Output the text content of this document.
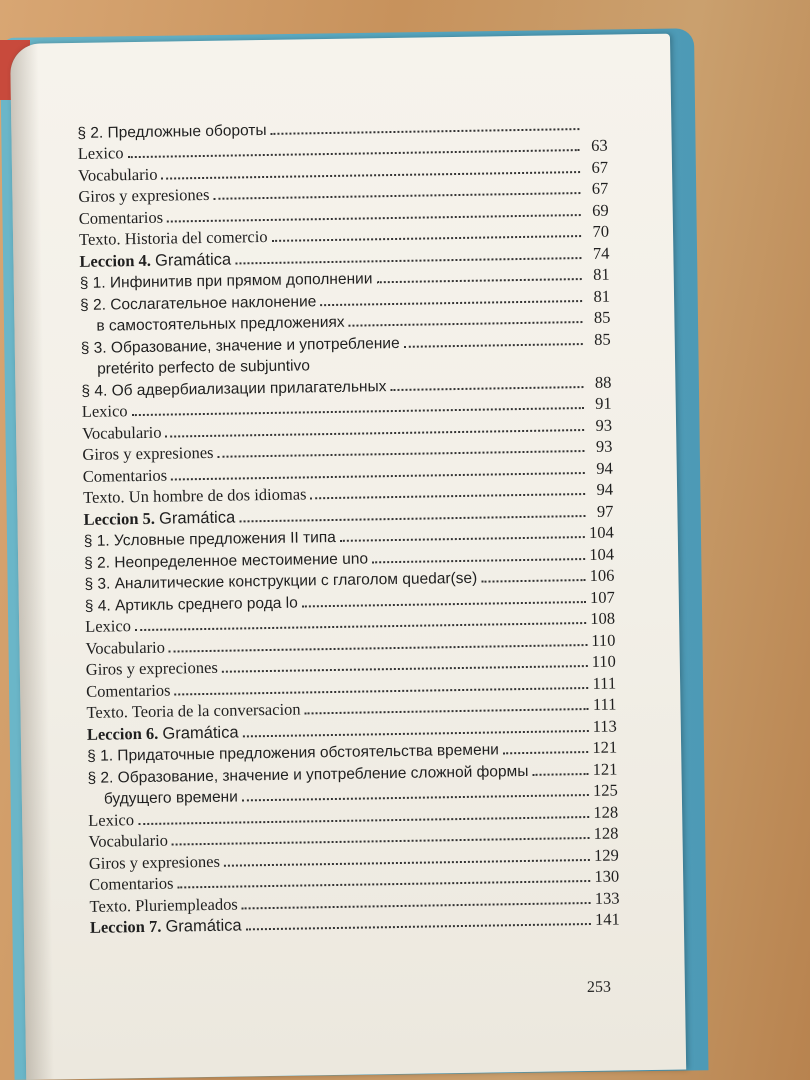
§ 2. Предложные обороты
Lexico	63
Vocabulario	67
Giros y expresiones	67
Comentarios	69
Texto. Historia del comercio	70
Leccion 4. Gramática	74
§ 1. Инфинитив при прямом дополнении	81
§ 2. Сослагательное наклонение	81
в самостоятельных предложениях	85
§ 3. Образование, значение и употребление	85
pretérito perfecto de subjuntivo
§ 4. Об адвербиализации прилагательных	88
Lexico	91
Vocabulario	93
Giros y expresiones	93
Comentarios	94
Texto. Un hombre de dos idiomas	94
Leccion 5. Gramática	97
§ 1. Условные предложения II типа	104
§ 2. Неопределенное местоимение uno	104
§ 3. Аналитические конструкции с глаголом quedar(se)	106
§ 4. Артикль среднего рода lo	107
Lexico	108
Vocabulario	110
Giros y expreciones	110
Comentarios	111
Texto. Teoria de la conversacion	111
Leccion 6. Gramática	113
§ 1. Придаточные предложения обстоятельства времени	121
§ 2. Образование, значение и употребление сложной формы	121
будущего времени	125
Lexico	128
Vocabulario	128
Giros y expresiones	129
Comentarios	130
Texto. Pluriempleados	133
Leccion 7. Gramática	141
253
